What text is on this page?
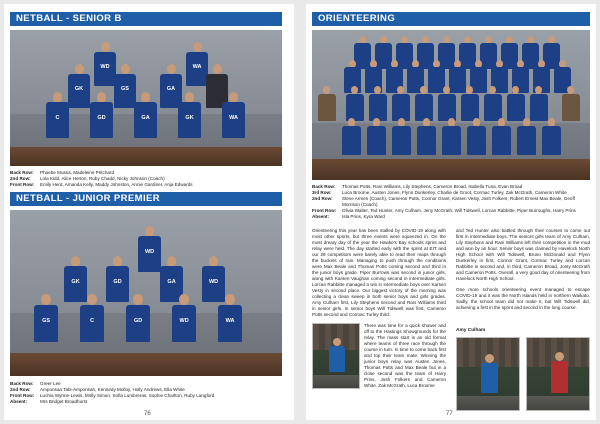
NETBALL - SENIOR B
WD	WA
GK	GS	GA
C	GD	GA	GK	WA
Back Row:	Phoebe Mussa, Madeleine Pritchard
2nd Row:	Lola Kidd, Alice Herton, Ruby Chadd, Nicky Johnson (Coach)
Front Row:	Emily Herd, Amanda Kelly, Maddy Johnston, Annie Gardiner, Anja Edwards
NETBALL - JUNIOR PREMIER
WD
GK	GD	GA	WD
GS	C	GD	WD	WA
Back Row:	Greer Lee
2nd Row:	Amponsaa Tabi-Amponsah, Kennedy Molloy, Holly Andrews, Ella White
Front Row:	Luchia Wynne-Lewis, Molly Simon, Sofia Lumbreras, Sophie Charlton, Ruby Langford
Absent:	Mrs Bridget Broadhurst
76
ORIENTEERING
Back Row:	Thomas Potts, Rani Williams, Lily Stephens, Cameron Broad, Isabella Tuna, Evan Broad
3rd Row:	Luca Broome, Austen Jones, Flynn Dunkerley, Charlie de Groot, Cormac Turley, Zak McGrath, Cameron White
2nd Row:	Steve Armen (Coach), Cameron Potts, Connor Grant, Karsen Vesty, Josh Folkers, Robert Ernest Max Beale, Geoff Morrison (Coach)
Front Row:	Olivia Walter, Ted Hunter, Amy Culham, Jeny McGrath, Will Tidswell, Lorcan Rabbitte, Piper Burroughs, Harry Prins
Absent:	Isla Prins, Kyra Ward

Orienteering this year has been stalled by COVID-19 along with most other sports, but three events were squeezed in. On the most dreary day of the year the Hawke's Bay schools sprint and relay were held. The day started early with the sprint at EIT and our 29 competitors were barely able to read their maps through the buckets of rain. Managing to push through the conditions were Max Beale and Thomas Potts coming second and third in the junior boys grade. Piper Burrows was second in junior girls, along with Karsen Vaughan coming second in intermediate girls. Lorcan Rabbitte managed a win in intermediate boys over Karsen Vesty in second place. Our biggest victory of the morning was collecting a clean sweep in both senior boys and girls grades. Amy Culham first, Lily Stephens second and Rani Williams third in senior girls. In senior boys Will Tidswell was first, Cameron Potts second and Cormac Turley third.

There was time for a quick shower and off to the Hastings Showgrounds for the relay. The mass start is an old format where teams of three race through the course in turn. In time to come back first and top their team mate. Winning the junior boys relay was Austen Jones, Thomas Potts and Max Beale but in a close second was the team of Harry Prins, Josh Folkers and Cameron White. Zak McGrath, Luca Broome

and Ted Hunter also battled through their courses to come out first in intermediate boys. The seniors girls team of Amy Culham, Lily Stephens and Rani Williams left their competition in the mud and won by an hour. Senior boys was claimed by Havelock North High School with Will Tidswell, Bruno McDonald and Flynn Dunkerley in first, Connor Grant, Cormac Turley and Lorcan Rabbitte in second and, in third, Cameron Broad, Jonty McGrath and Cameron Potts. Overall, a very good day of orienteering from Havelock North High School.

One more schools orienteering event managed to escape COVID-19 and it was the North Islands held in northern Waikato. Sadly, the school team did not make it, but Will Tidswell did, achieving a first in the sprint and second in the long course.

Amy Culham
77
